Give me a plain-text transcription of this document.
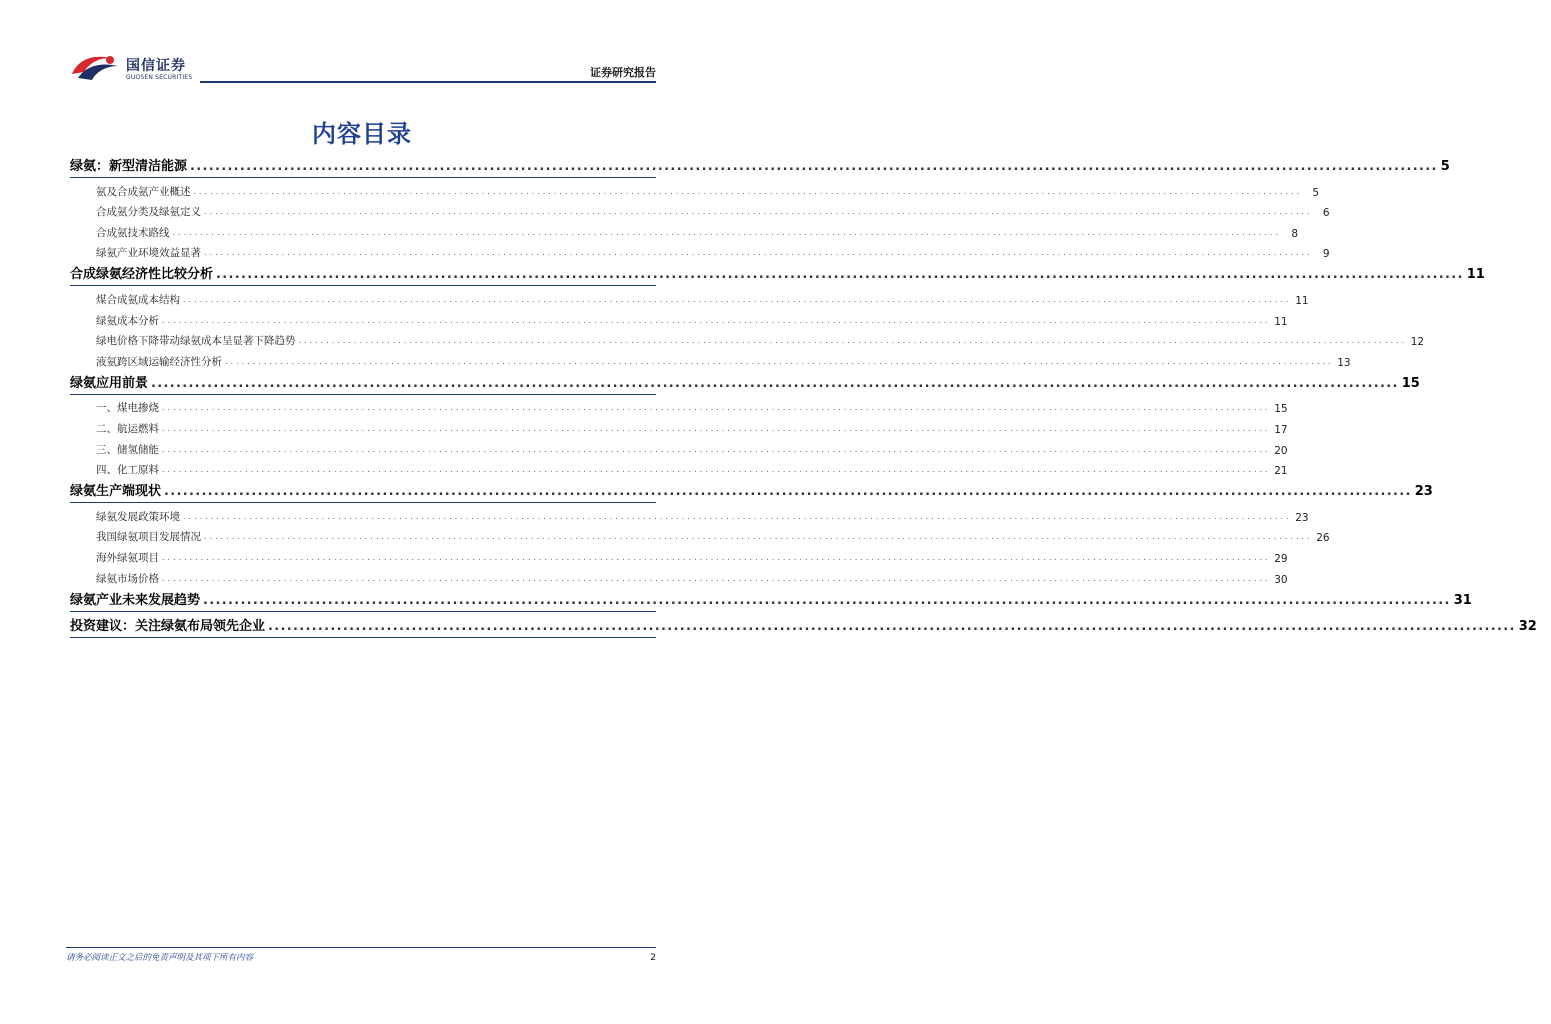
国信证券
GUOSEN SECURITIES	证券研究报告
内容目录
绿氨：新型清洁能源 ........................................................................................................................................................................................................ 5
氨及合成氨产业概述 ........................................................................................................................................................................................................ 5
合成氨分类及绿氨定义 ........................................................................................................................................................................................................ 6
合成氨技术路线 ........................................................................................................................................................................................................ 8
绿氨产业环境效益显著 ........................................................................................................................................................................................................ 9
合成绿氨经济性比较分析 ........................................................................................................................................................................................................ 11
煤合成氨成本结构 ........................................................................................................................................................................................................ 11
绿氨成本分析 ........................................................................................................................................................................................................ 11
绿电价格下降带动绿氨成本呈显著下降趋势 ........................................................................................................................................................................................................ 12
液氨跨区域运输经济性分析 ........................................................................................................................................................................................................ 13
绿氨应用前景 ........................................................................................................................................................................................................ 15
一、煤电掺烧 ........................................................................................................................................................................................................ 15
二、航运燃料 ........................................................................................................................................................................................................ 17
三、储氢储能 ........................................................................................................................................................................................................ 20
四、化工原料 ........................................................................................................................................................................................................ 21
绿氨生产端现状 ........................................................................................................................................................................................................ 23
绿氨发展政策环境 ........................................................................................................................................................................................................ 23
我国绿氨项目发展情况 ........................................................................................................................................................................................................ 26
海外绿氨项目 ........................................................................................................................................................................................................ 29
绿氨市场价格 ........................................................................................................................................................................................................ 30
绿氨产业未来发展趋势 ........................................................................................................................................................................................................ 31
投资建议：关注绿氨布局领先企业 ........................................................................................................................................................................................................ 32
请务必阅读正文之后的免责声明及其项下所有内容	2
